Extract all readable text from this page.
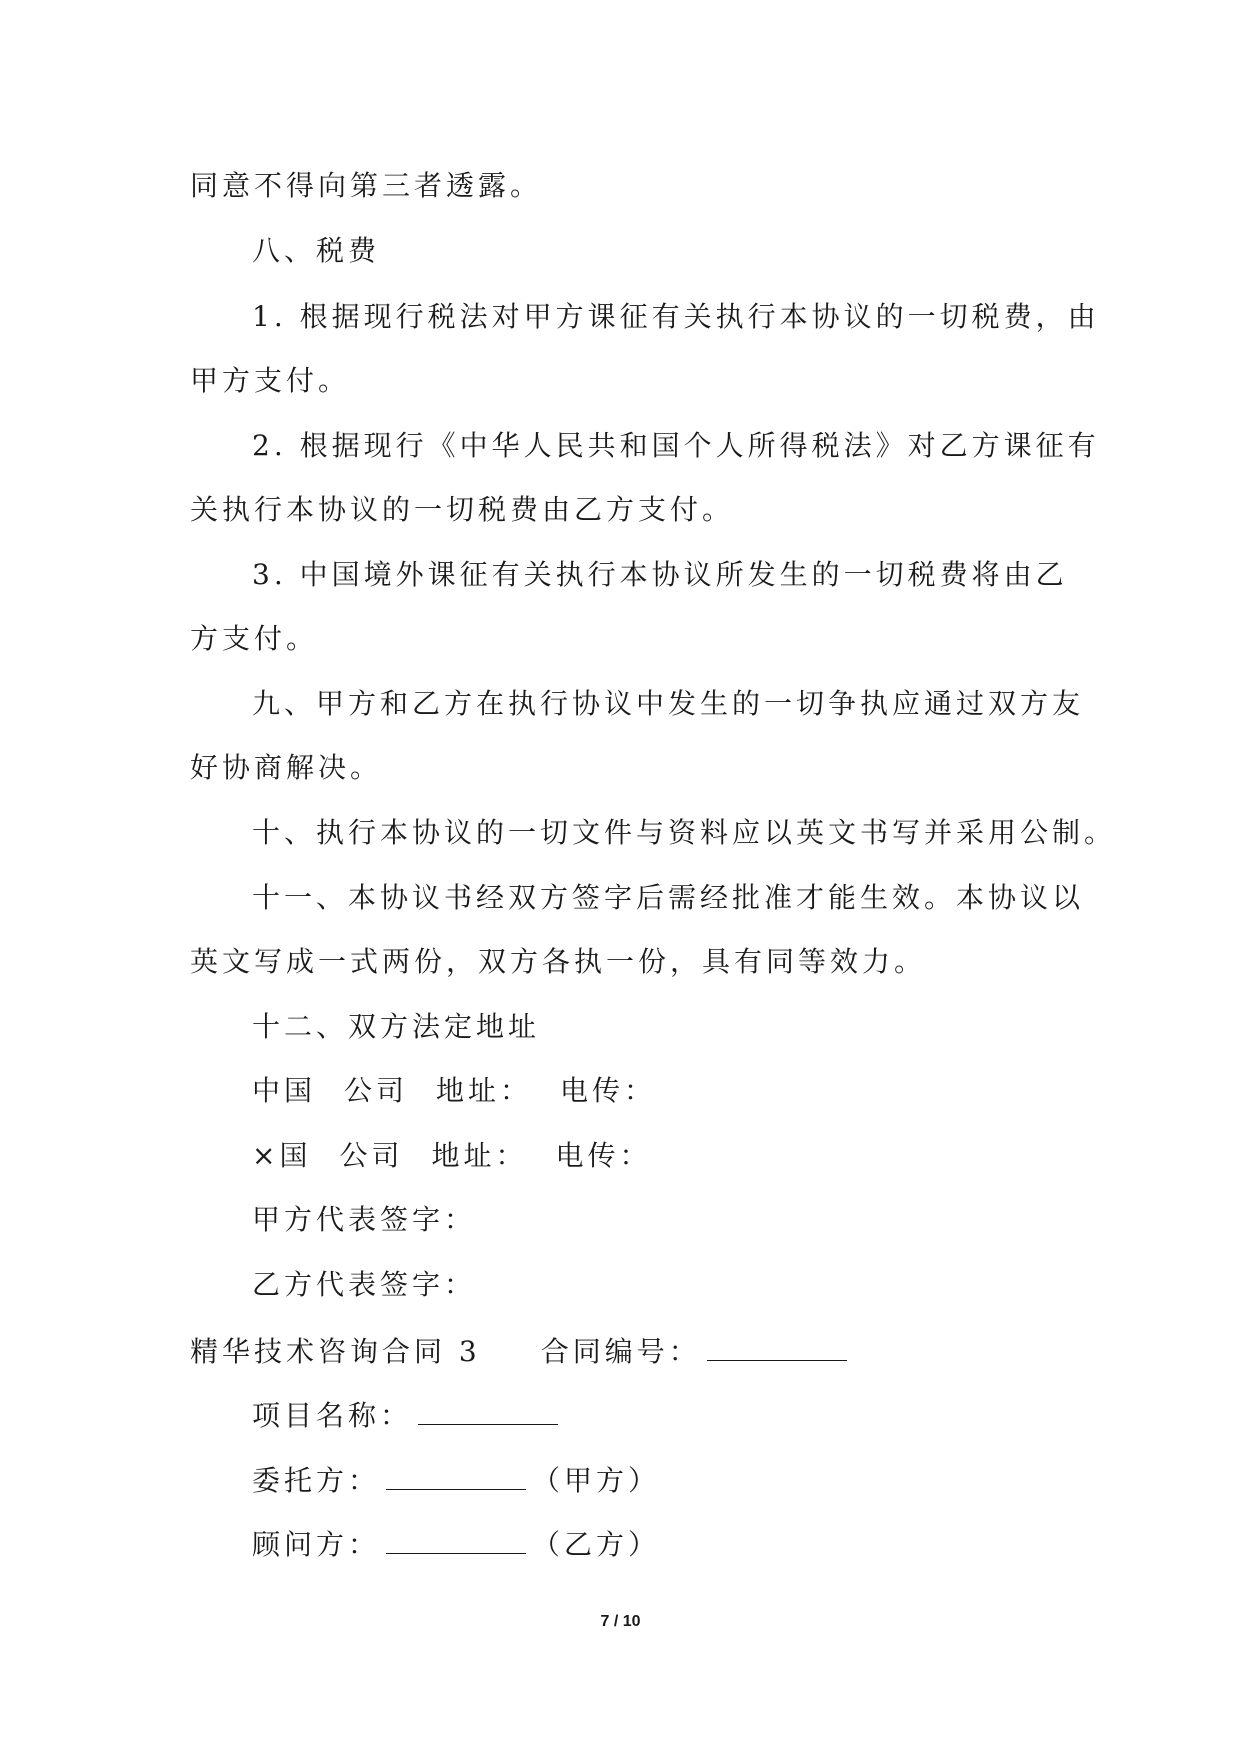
同意不得向第三者透露。
八、税费
1. 根据现行税法对甲方课征有关执行本协议的一切税费，由
甲方支付。
2. 根据现行《中华人民共和国个人所得税法》对乙方课征有
关执行本协议的一切税费由乙方支付。
3. 中国境外课征有关执行本协议所发生的一切税费将由乙
方支付。
九、甲方和乙方在执行协议中发生的一切争执应通过双方友
好协商解决。
十、执行本协议的一切文件与资料应以英文书写并采用公制。
十一、本协议书经双方签字后需经批准才能生效。本协议以
英文写成一式两份，双方各执一份，具有同等效力。
十二、双方法定地址
中国 公司 地址： 电传：
×国 公司 地址： 电传：
甲方代表签字：
乙方代表签字：
精华技术咨询合同 3 合同编号：
项目名称：
委托方：	（甲方）
顾问方：	（乙方）
7 / 10
